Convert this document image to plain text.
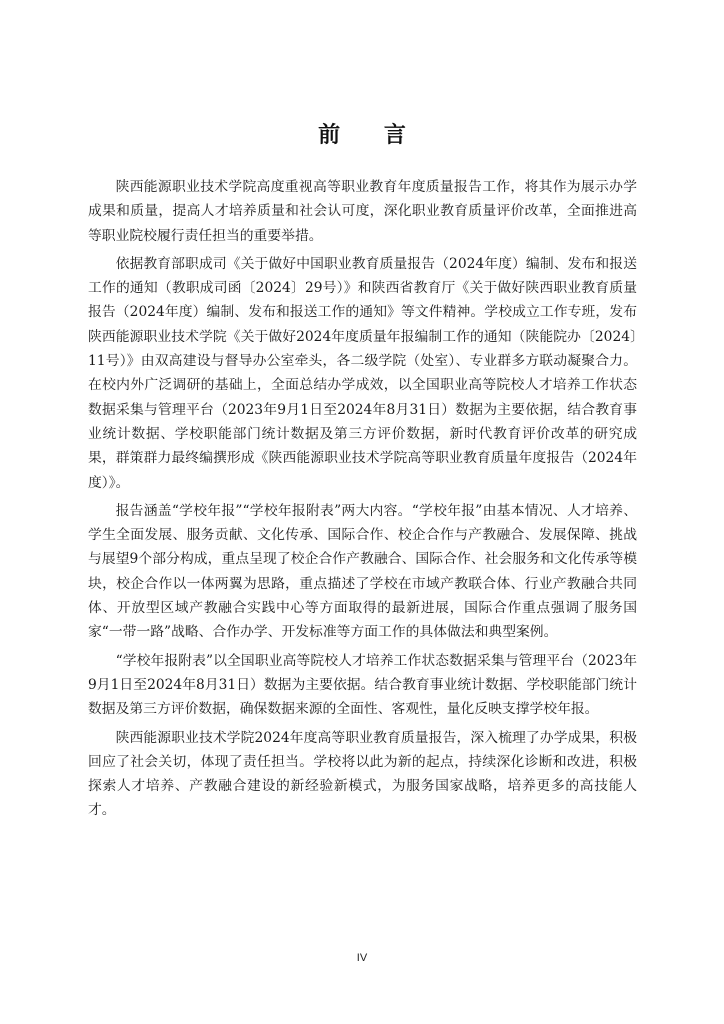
前 言

陕西能源职业技术学院高度重视高等职业教育年度质量报告工作，将其作为展示办学成果和质量，提高人才培养质量和社会认可度，深化职业教育质量评价改革，全面推进高等职业院校履行责任担当的重要举措。

依据教育部职成司《关于做好中国职业教育质量报告（2024年度）编制、发布和报送工作的通知（教职成司函〔2024〕29号）》和陕西省教育厅《关于做好陕西职业教育质量报告（2024年度）编制、发布和报送工作的通知》等文件精神。学校成立工作专班，发布陕西能源职业技术学院《关于做好2024年度质量年报编制工作的通知（陕能院办〔2024〕11号）》由双高建设与督导办公室牵头，各二级学院（处室）、专业群多方联动凝聚合力。在校内外广泛调研的基础上，全面总结办学成效，以全国职业高等院校人才培养工作状态数据采集与管理平台（2023年9月1日至2024年8月31日）数据为主要依据，结合教育事业统计数据、学校职能部门统计数据及第三方评价数据，新时代教育评价改革的研究成果，群策群力最终编撰形成《陕西能源职业技术学院高等职业教育质量年度报告（2024年度）》。

报告涵盖“学校年报”“学校年报附表”两大内容。“学校年报”由基本情况、人才培养、学生全面发展、服务贡献、文化传承、国际合作、校企合作与产教融合、发展保障、挑战与展望9个部分构成，重点呈现了校企合作产教融合、国际合作、社会服务和文化传承等模块，校企合作以一体两翼为思路，重点描述了学校在市域产教联合体、行业产教融合共同体、开放型区域产教融合实践中心等方面取得的最新进展，国际合作重点强调了服务国家“一带一路”战略、合作办学、开发标准等方面工作的具体做法和典型案例。

“学校年报附表”以全国职业高等院校人才培养工作状态数据采集与管理平台（2023年9月1日至2024年8月31日）数据为主要依据。结合教育事业统计数据、学校职能部门统计数据及第三方评价数据，确保数据来源的全面性、客观性，量化反映支撑学校年报。

陕西能源职业技术学院2024年度高等职业教育质量报告，深入梳理了办学成果，积极回应了社会关切，体现了责任担当。学校将以此为新的起点，持续深化诊断和改进，积极探索人才培养、产教融合建设的新经验新模式，为服务国家战略，培养更多的高技能人才。

IV
